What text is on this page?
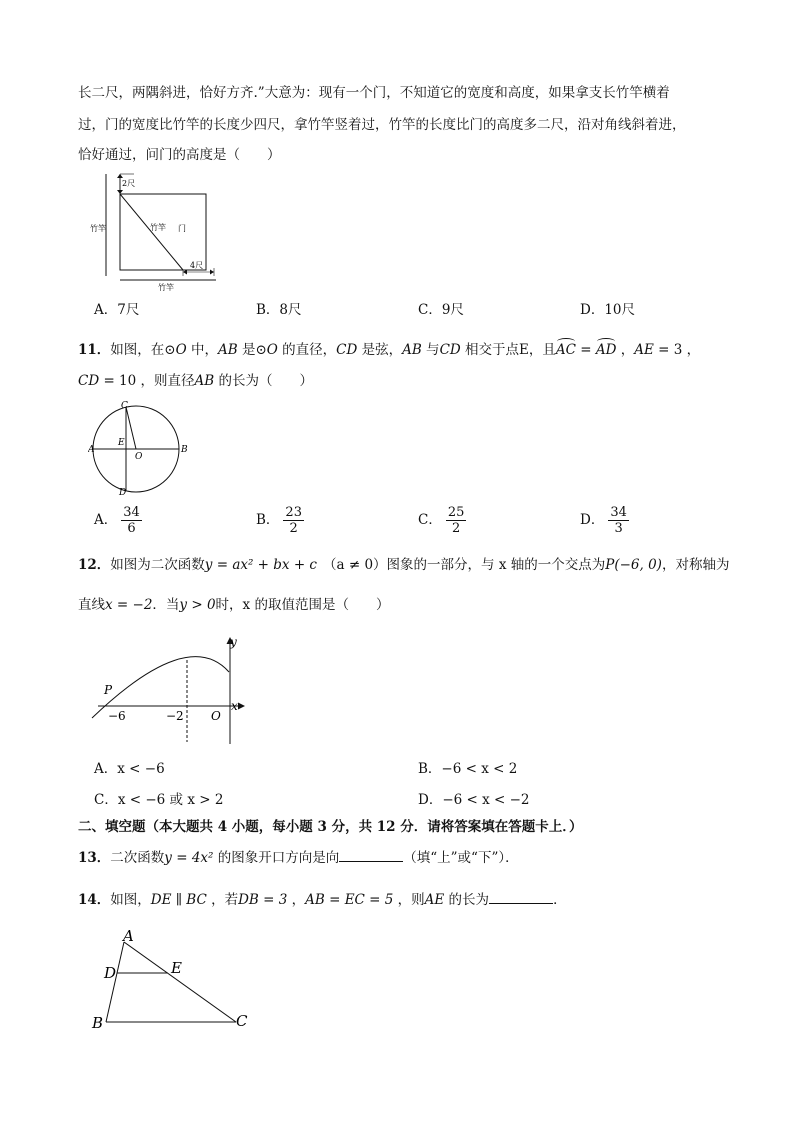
长二尺，两隅斜进，恰好方齐.”大意为：现有一个门，不知道它的宽度和高度，如果拿支长竹竿横着
过，门的宽度比竹竿的长度少四尺，拿竹竿竖着过，竹竿的长度比门的高度多二尺，沿对角线斜着进，
恰好通过，问门的高度是（　　）
2尺
4尺
竹竿	竹竿 门
竹竿
A．7尺	B．8尺	C．9尺	D．10尺
11．如图，在⊙O 中，AB 是⊙O 的直径，CD 是弦，AB 与CD 相交于点E，且AC = AD ，AE = 3 ，
CD = 10 ，则直径AB 的长为（　　）
C
E
A
O
B
D
A． $\frac{34}{6}$	B． $\frac{23}{2}$	C． $\frac{25}{2}$	D． $\frac{34}{3}$
12．如图为二次函数y = ax² + bx + c （a ≠ 0）图象的一部分，与 x 轴的一个交点为P(−6, 0)，对称轴为
直线x = −2．当y > 0时，x 的取值范围是（　　）
y
P
−6	−2 O
x
A．x < −6	B．−6 < x < 2
C．x < −6 或 x > 2	D．−6 < x < −2
二、填空题（本大题共 4 小题，每小题 3 分，共 12 分．请将答案填在答题卡上．）
13．二次函数y = 4x² 的图象开口方向是向	（填“上”或“下”）．
14．如图，DE ∥ BC ，若DB = 3 ，AB = EC = 5 ，则AE 的长为	．
A
D	E
B	C
